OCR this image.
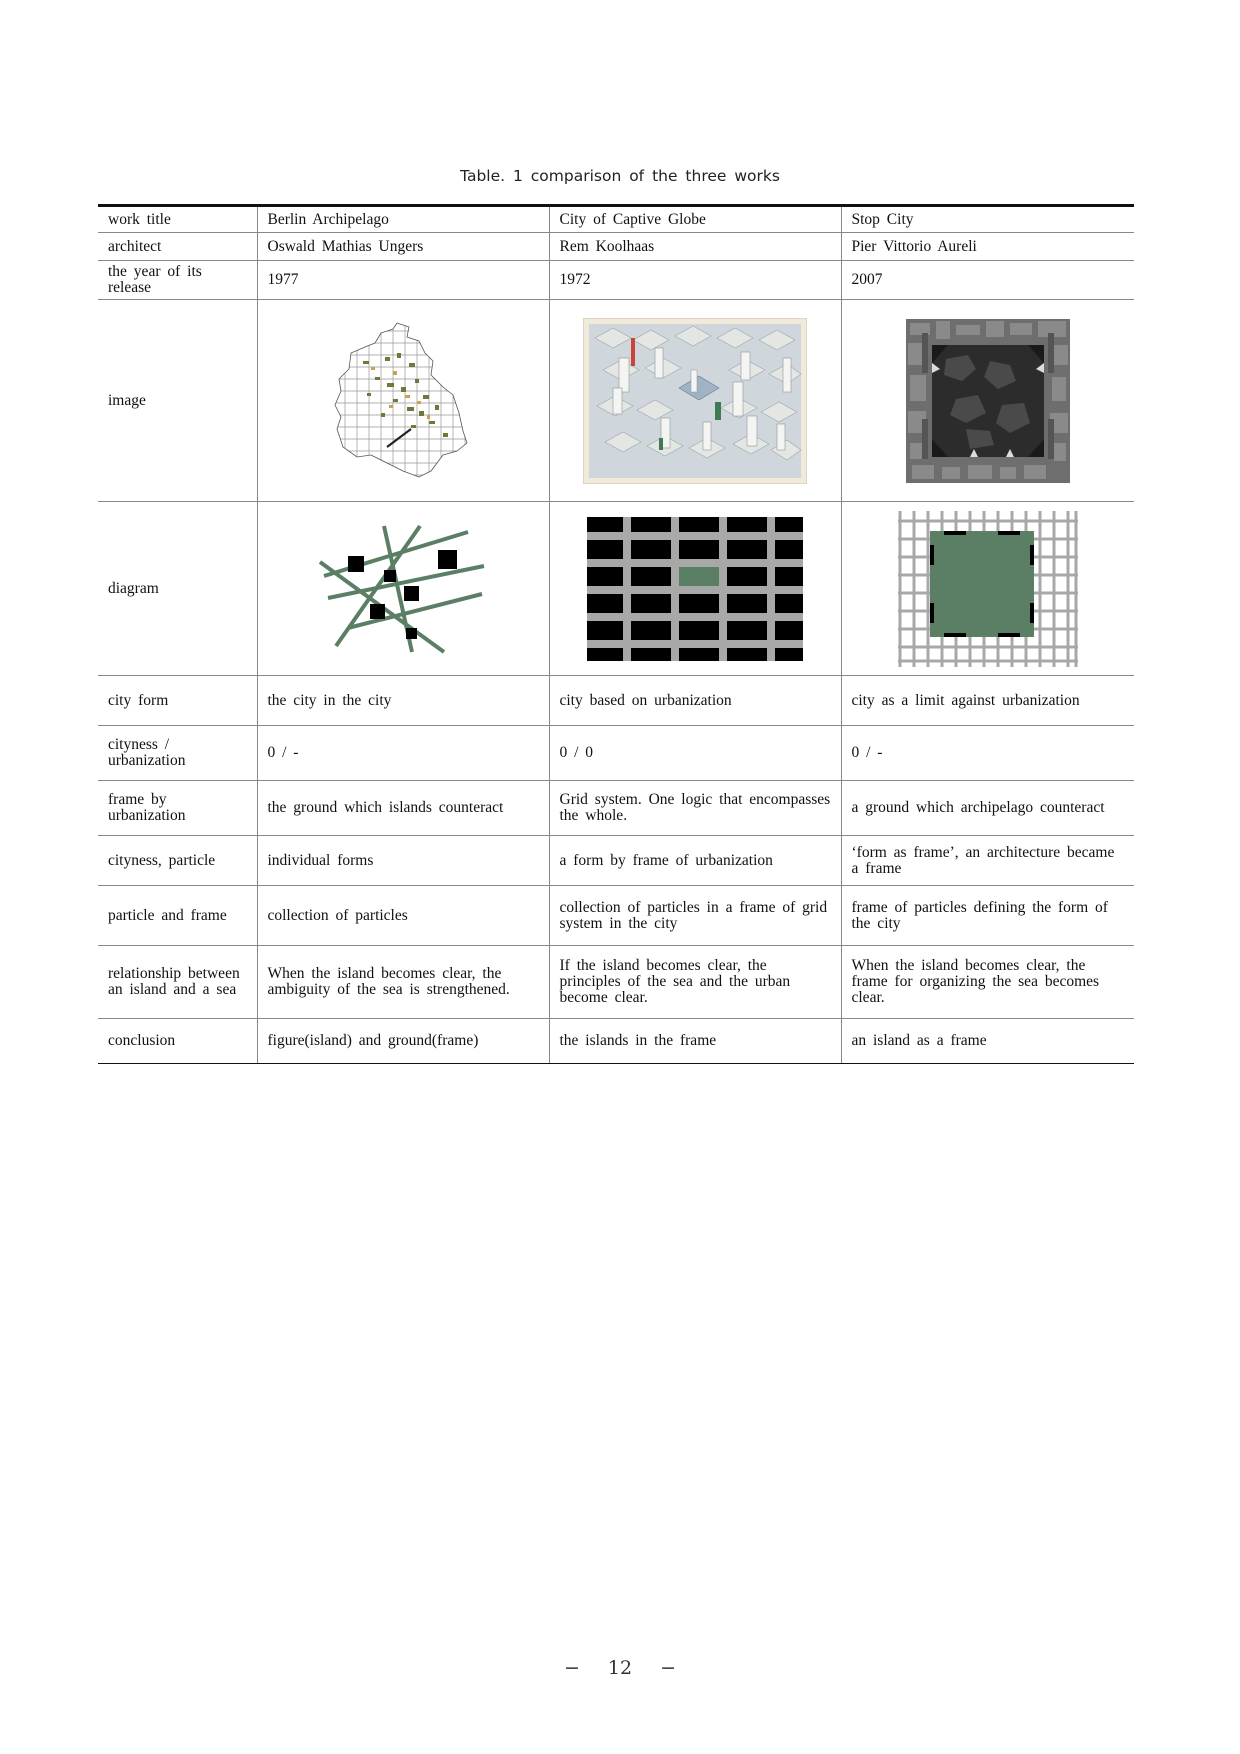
Table. 1 comparison of the three works
work title	Berlin Archipelago	City of Captive Globe	Stop City
architect	Oswald Mathias Ungers	Rem Koolhaas	Pier Vittorio Aureli
the year of its release	1977	1972	2007
image	

diagram	

city form	the city in the city	city based on urbanization	city as a limit against urbanization
cityness / urbanization	0 / -	0 / 0	0 / -
frame by urbanization	the ground which islands counteract	Grid system. One logic that encompasses the whole.	a ground which archipelago counteract
cityness, particle	individual forms	a form by frame of urbanization	‘form as frame’, an architecture became a frame
particle and frame	collection of particles	collection of particles in a frame of grid system in the city	frame of particles defining the form of the city
relationship between an island and a sea	When the island becomes clear, the ambiguity of the sea is strengthened.	If the island becomes clear, the principles of the sea and the urban become clear.	When the island becomes clear, the frame for organizing the sea becomes clear.
conclusion	figure(island) and ground(frame)	the islands in the frame	an island as a frame
− 12 −
